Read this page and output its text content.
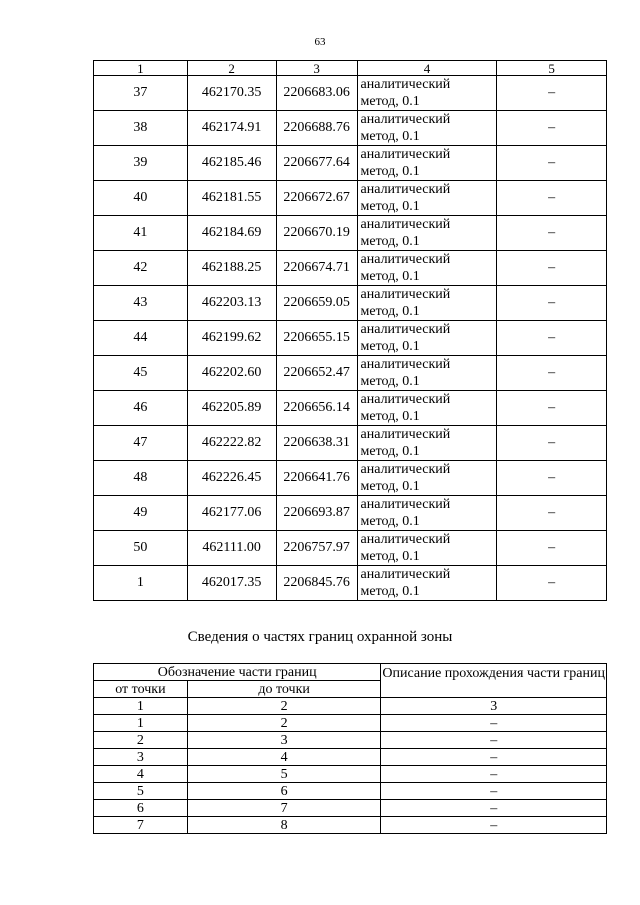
63
1	2	3	4	5
37	462170.35	2206683.06	аналитический
метод, 0.1	–
38	462174.91	2206688.76	аналитический
метод, 0.1	–
39	462185.46	2206677.64	аналитический
метод, 0.1	–
40	462181.55	2206672.67	аналитический
метод, 0.1	–
41	462184.69	2206670.19	аналитический
метод, 0.1	–
42	462188.25	2206674.71	аналитический
метод, 0.1	–
43	462203.13	2206659.05	аналитический
метод, 0.1	–
44	462199.62	2206655.15	аналитический
метод, 0.1	–
45	462202.60	2206652.47	аналитический
метод, 0.1	–
46	462205.89	2206656.14	аналитический
метод, 0.1	–
47	462222.82	2206638.31	аналитический
метод, 0.1	–
48	462226.45	2206641.76	аналитический
метод, 0.1	–
49	462177.06	2206693.87	аналитический
метод, 0.1	–
50	462111.00	2206757.97	аналитический
метод, 0.1	–
1	462017.35	2206845.76	аналитический
метод, 0.1	–
Сведения о частях границ охранной зоны
Обозначение части границ		Описание прохождения части границ
от точки	до точки	
1	2	3
1	2	–
2	3	–
3	4	–
4	5	–
5	6	–
6	7	–
7	8	–
